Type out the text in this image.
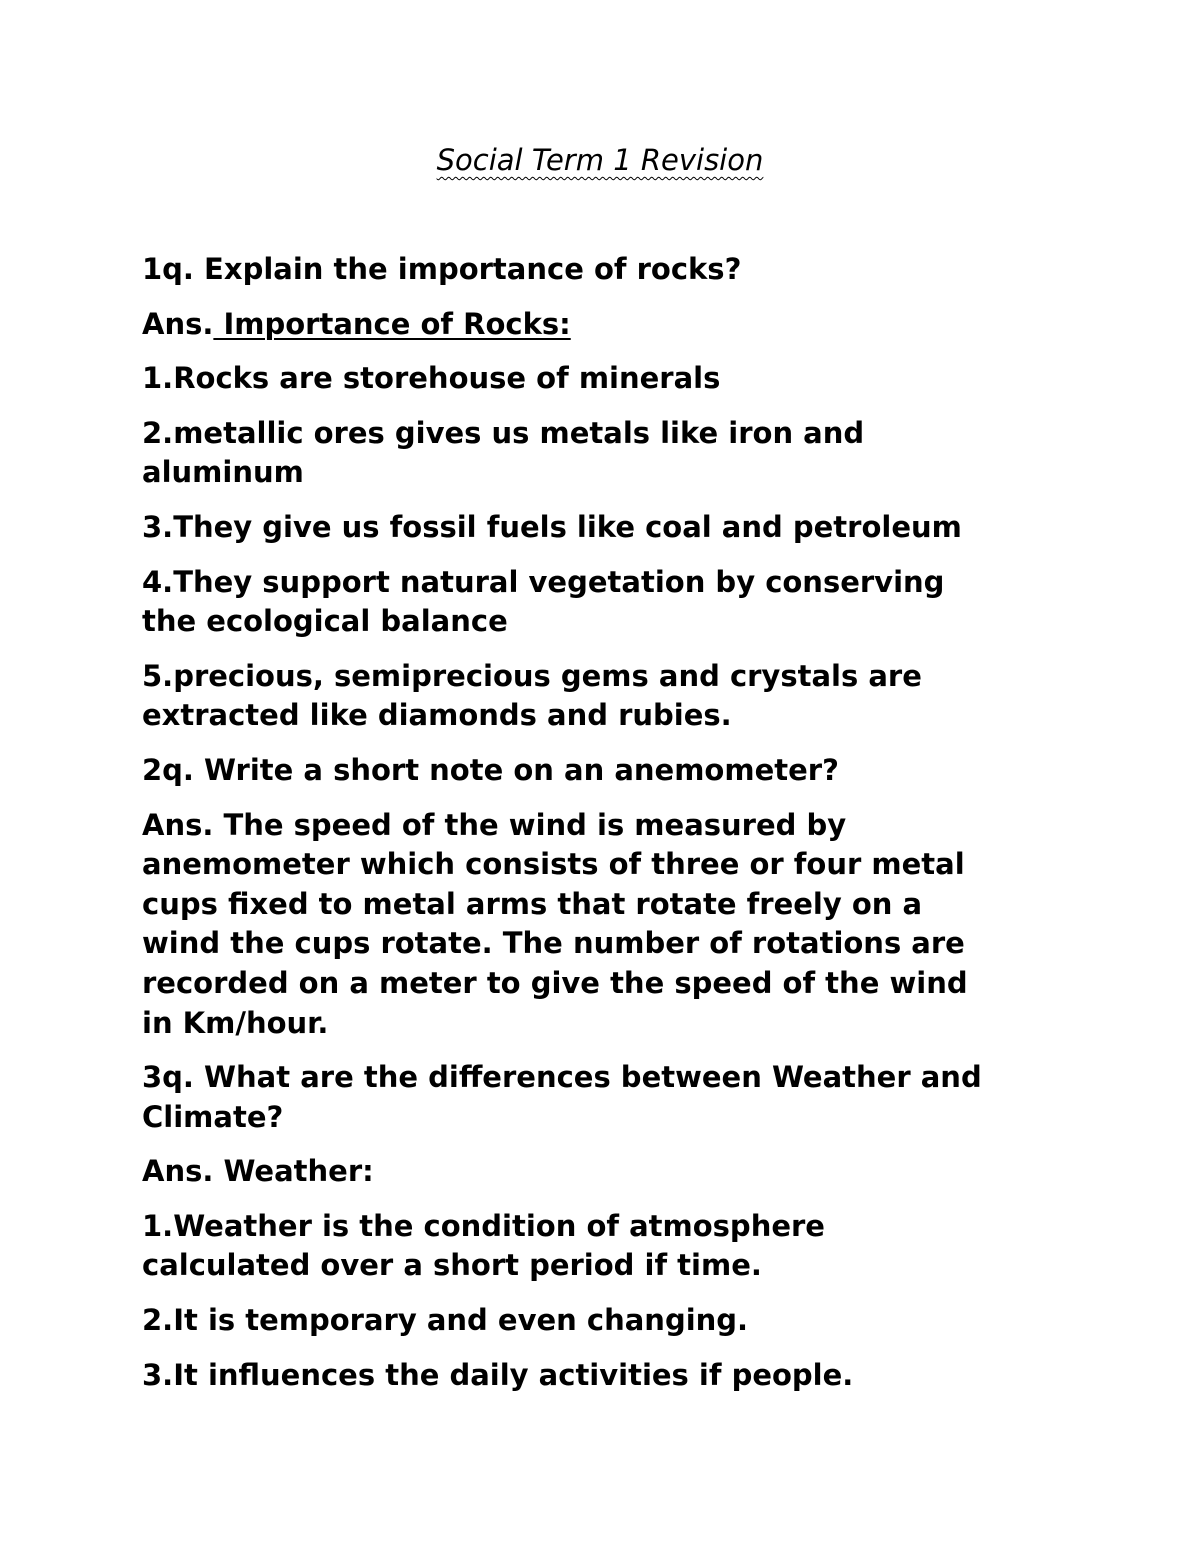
Social Term 1 Revision

1q. Explain the importance of rocks?

Ans. Importance of Rocks:

1.Rocks are storehouse of minerals

2.metallic ores gives us metals like iron and
aluminum

3.They give us fossil fuels like coal and petroleum

4.They support natural vegetation by conserving
the ecological balance

5.precious, semiprecious gems and crystals are
extracted like diamonds and rubies.

2q. Write a short note on an anemometer?

Ans. The speed of the wind is measured by
anemometer which consists of three or four metal
cups fixed to metal arms that rotate freely on a
wind the cups rotate. The number of rotations are
recorded on a meter to give the speed of the wind
in Km/hour.

3q. What are the differences between Weather and
Climate?

Ans. Weather:

1.Weather is the condition of atmosphere
calculated over a short period if time.

2.It is temporary and even changing.

3.It influences the daily activities if people.
